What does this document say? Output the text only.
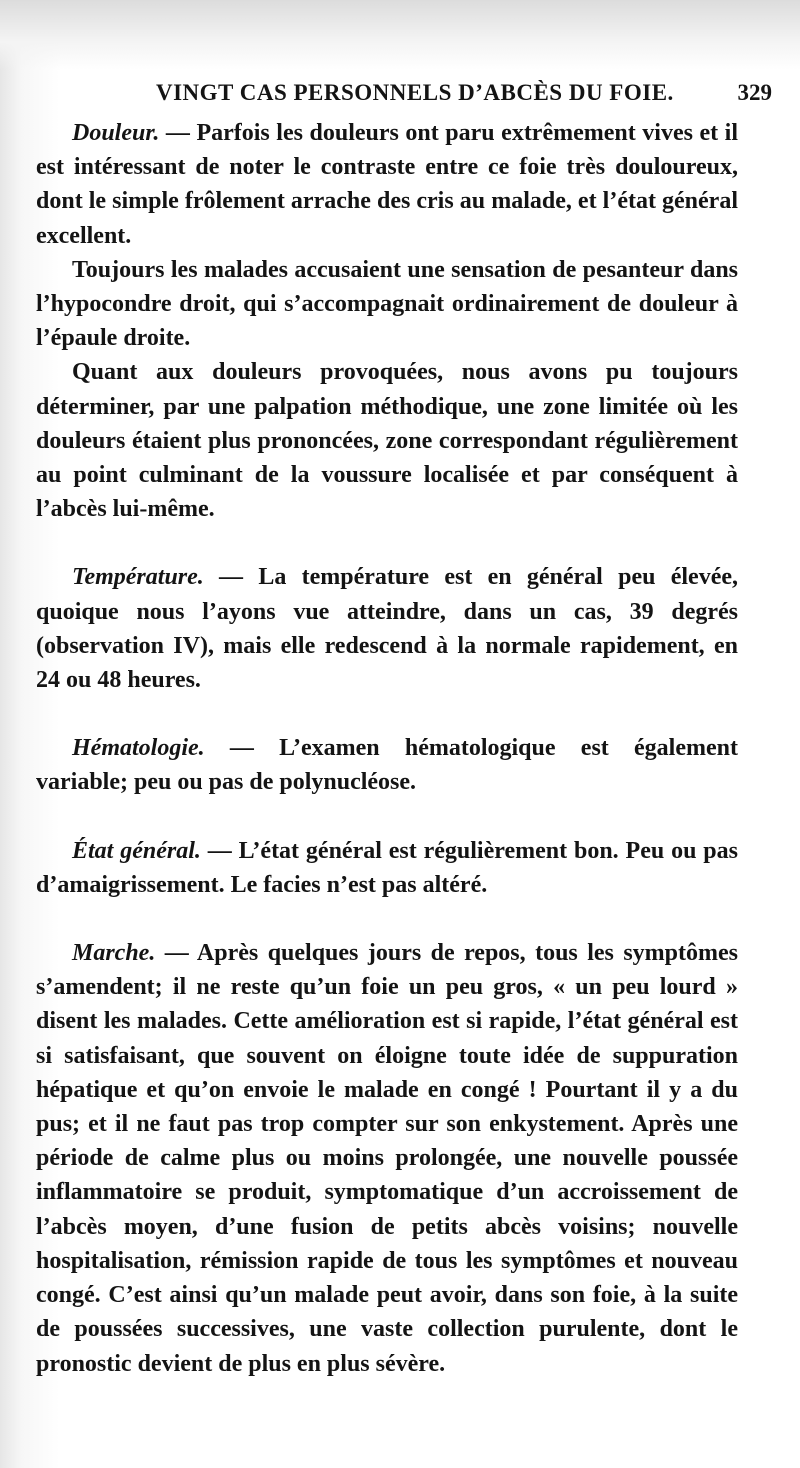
VINGT CAS PERSONNELS D’ABCÈS DU FOIE.	329

Douleur. — Parfois les douleurs ont paru extrêmement vives et il est intéressant de noter le contraste entre ce foie très douloureux, dont le simple frôlement arrache des cris au malade, et l’état général excellent.

Toujours les malades accusaient une sensation de pesanteur dans l’hypocondre droit, qui s’accompagnait ordinairement de douleur à l’épaule droite.

Quant aux douleurs provoquées, nous avons pu toujours déterminer, par une palpation méthodique, une zone limitée où les douleurs étaient plus prononcées, zone correspondant régulièrement au point culminant de la voussure localisée et par conséquent à l’abcès lui-même.

Température. — La température est en général peu élevée, quoique nous l’ayons vue atteindre, dans un cas, 39 degrés (observation IV), mais elle redescend à la normale rapidement, en 24 ou 48 heures.

Hématologie. — L’examen hématologique est également variable; peu ou pas de polynucléose.

État général. — L’état général est régulièrement bon. Peu ou pas d’amaigrissement. Le facies n’est pas altéré.

Marche. — Après quelques jours de repos, tous les symptômes s’amendent; il ne reste qu’un foie un peu gros, « un peu lourd » disent les malades. Cette amélioration est si rapide, l’état général est si satisfaisant, que souvent on éloigne toute idée de suppuration hépatique et qu’on envoie le malade en congé ! Pourtant il y a du pus; et il ne faut pas trop compter sur son enkystement. Après une période de calme plus ou moins prolongée, une nouvelle poussée inflammatoire se produit, symptomatique d’un accroissement de l’abcès moyen, d’une fusion de petits abcès voisins; nouvelle hospitalisation, rémission rapide de tous les symptômes et nouveau congé. C’est ainsi qu’un malade peut avoir, dans son foie, à la suite de poussées successives, une vaste collection purulente, dont le pronostic devient de plus en plus sévère.
